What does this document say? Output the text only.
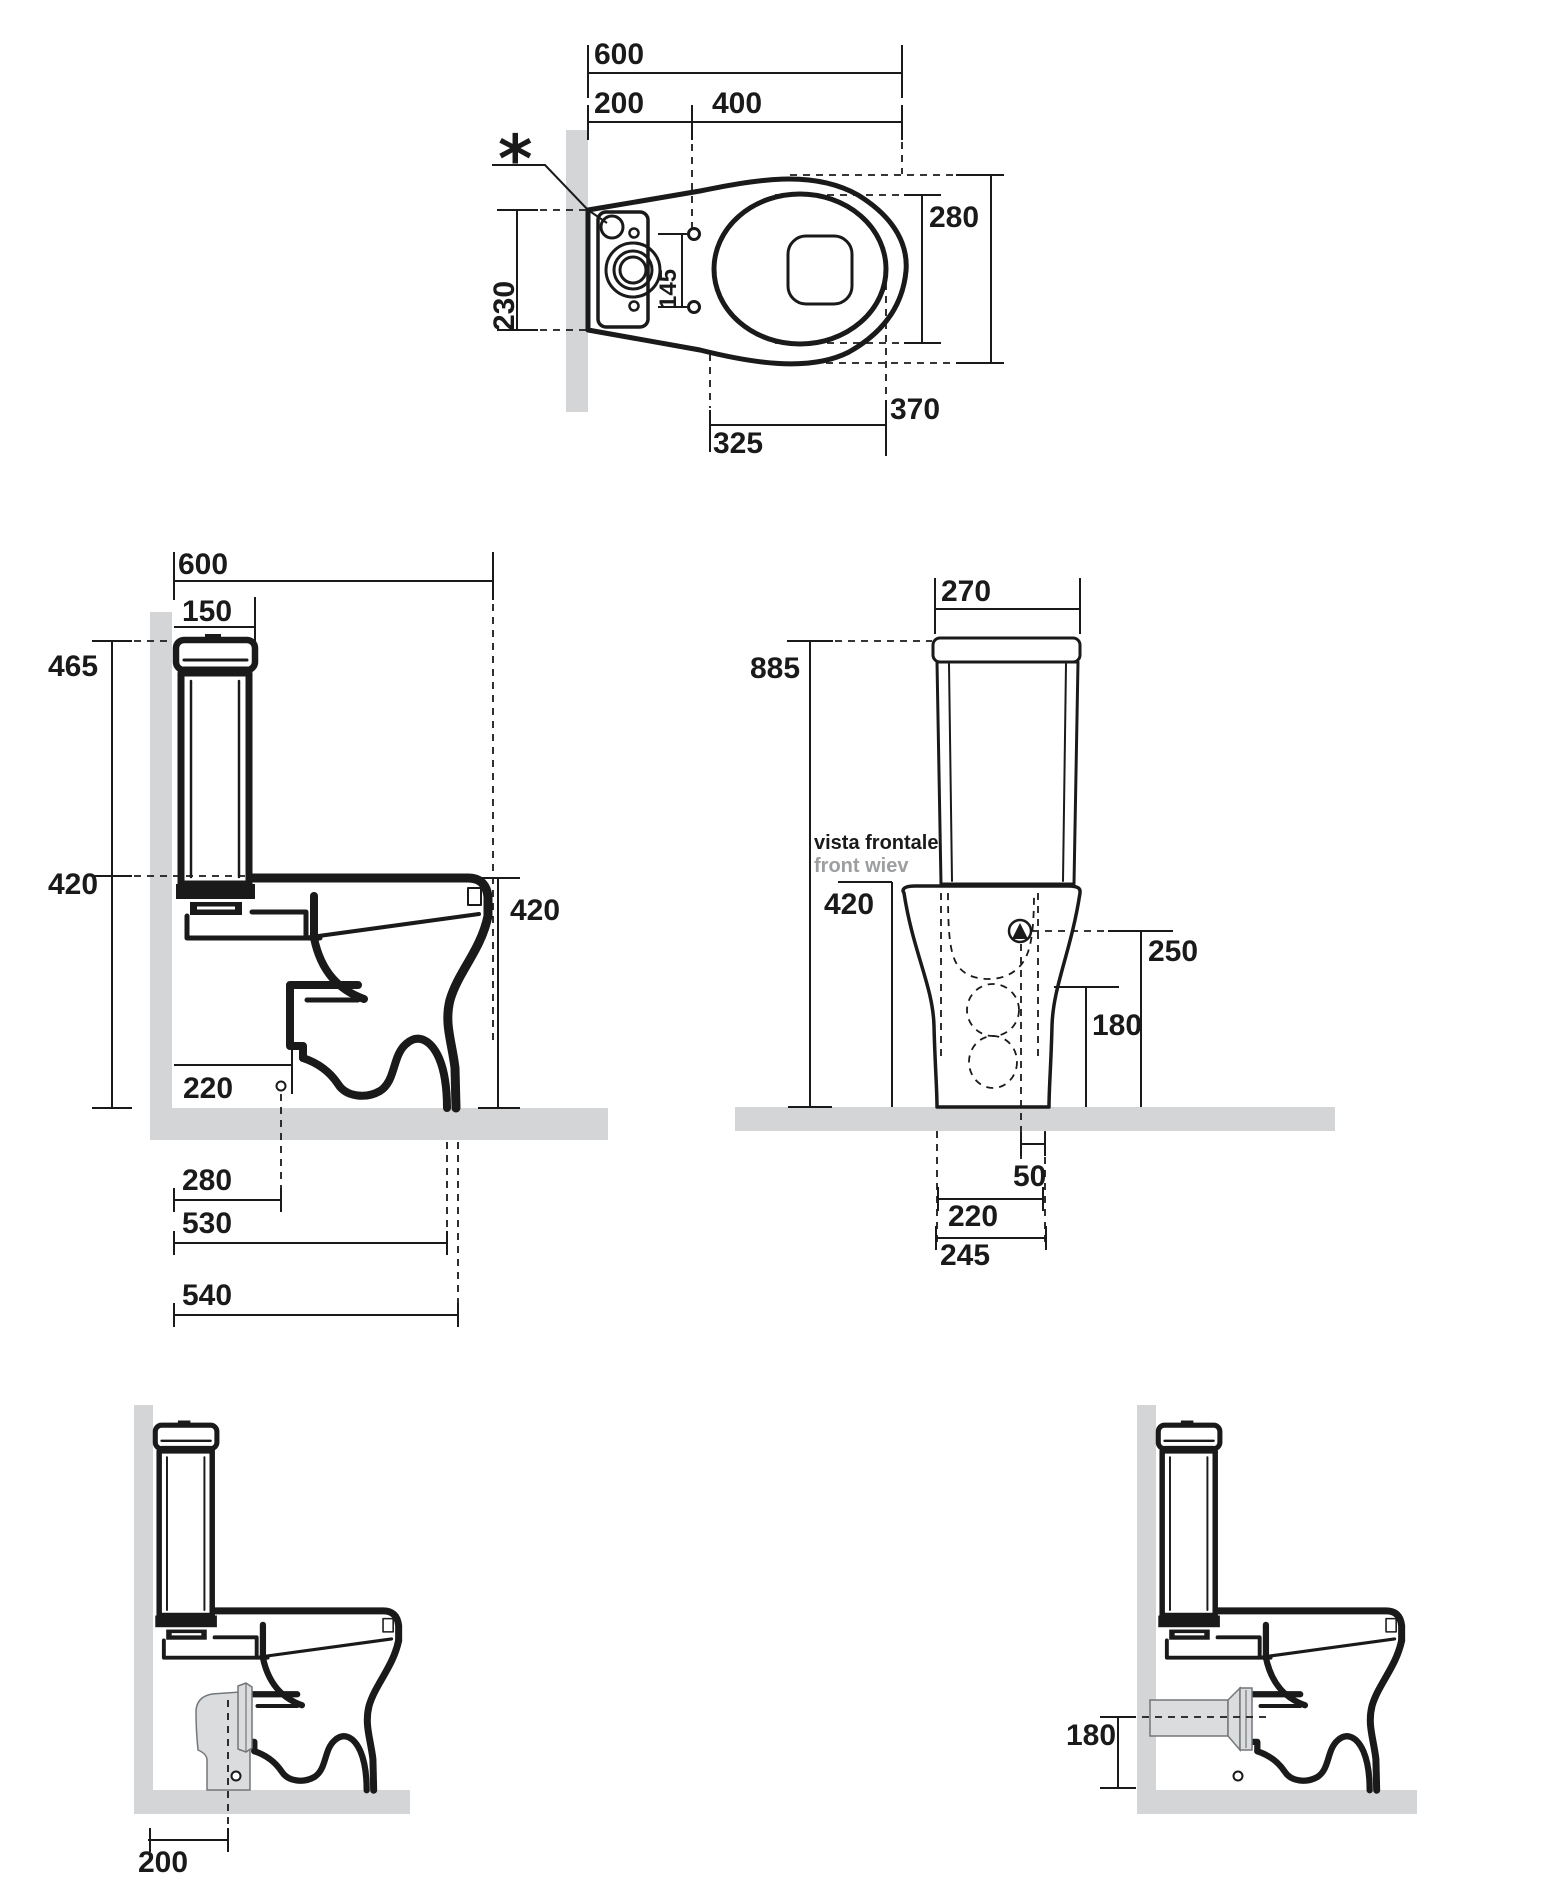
600
200 400
230	145
*
280
325
370
600
150
465
420
420
220
280
530
540
270
885
vista frontale
front wiev
420
250
180
50
220
245
200
180
